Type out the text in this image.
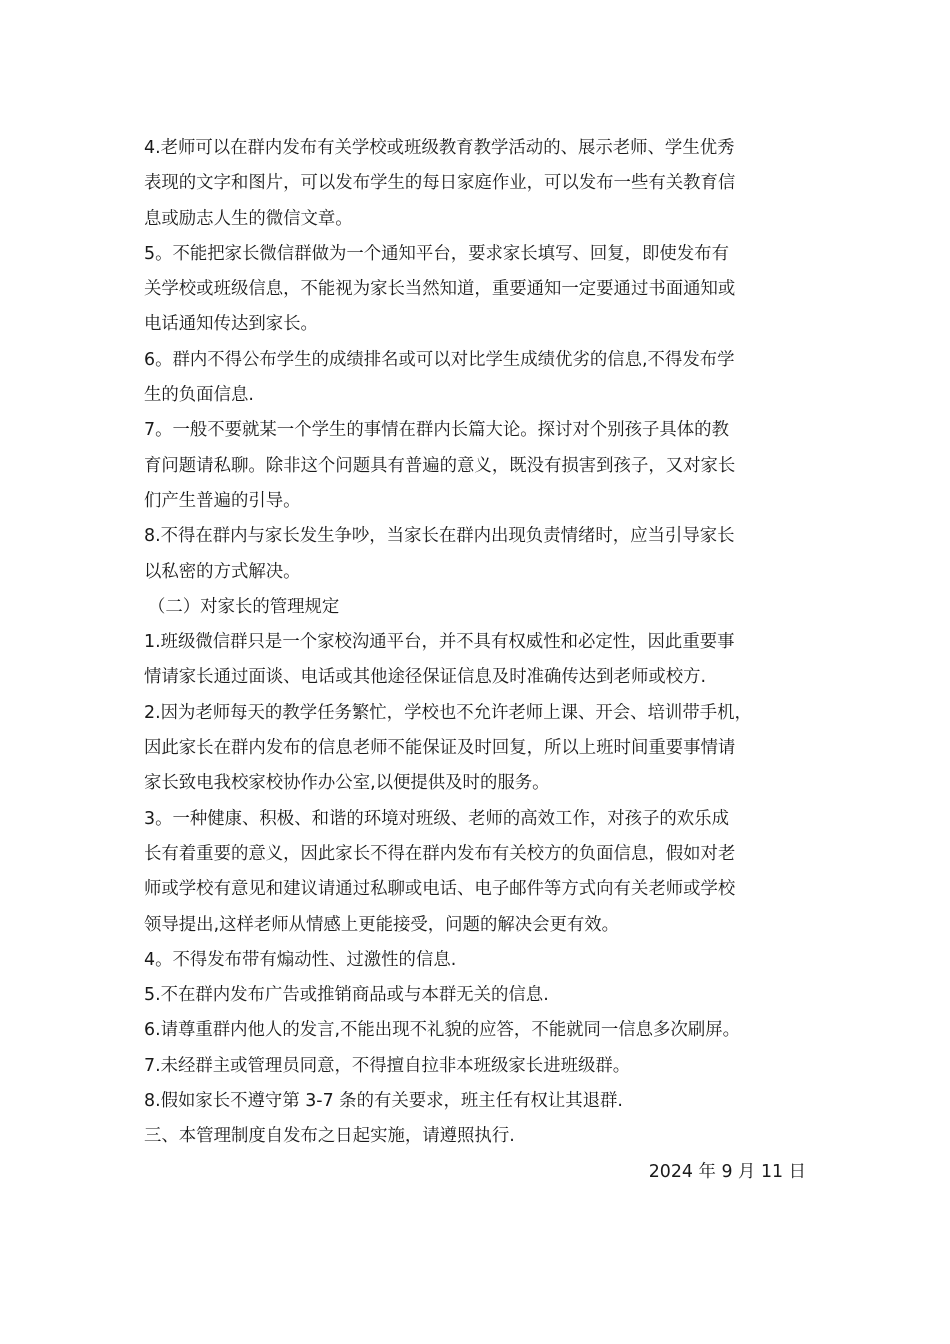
4.老师可以在群内发布有关学校或班级教育教学活动的、展示老师、学生优秀
表现的文字和图片，可以发布学生的每日家庭作业，可以发布一些有关教育信
息或励志人生的微信文章。
5。不能把家长微信群做为一个通知平台，要求家长填写、回复，即使发布有
关学校或班级信息，不能视为家长当然知道，重要通知一定要通过书面通知或
电话通知传达到家长。
6。群内不得公布学生的成绩排名或可以对比学生成绩优劣的信息,不得发布学
生的负面信息.
7。一般不要就某一个学生的事情在群内长篇大论。探讨对个别孩子具体的教
育问题请私聊。除非这个问题具有普遍的意义，既没有损害到孩子，又对家长
们产生普遍的引导。
8.不得在群内与家长发生争吵，当家长在群内出现负责情绪时，应当引导家长
以私密的方式解决。
（二）对家长的管理规定
1.班级微信群只是一个家校沟通平台，并不具有权威性和必定性，因此重要事
情请家长通过面谈、电话或其他途径保证信息及时准确传达到老师或校方.
2.因为老师每天的教学任务繁忙，学校也不允许老师上课、开会、培训带手机，
因此家长在群内发布的信息老师不能保证及时回复，所以上班时间重要事情请
家长致电我校家校协作办公室,以便提供及时的服务。
3。一种健康、积极、和谐的环境对班级、老师的高效工作，对孩子的欢乐成
长有着重要的意义，因此家长不得在群内发布有关校方的负面信息，假如对老
师或学校有意见和建议请通过私聊或电话、电子邮件等方式向有关老师或学校
领导提出,这样老师从情感上更能接受，问题的解决会更有效。
4。不得发布带有煽动性、过激性的信息.
5.不在群内发布广告或推销商品或与本群无关的信息.
6.请尊重群内他人的发言,不能出现不礼貌的应答，不能就同一信息多次刷屏。
7.未经群主或管理员同意，不得擅自拉非本班级家长进班级群。
8.假如家长不遵守第 3-7 条的有关要求，班主任有权让其退群.
三、本管理制度自发布之日起实施，请遵照执行.
2024 年 9 月 11 日
